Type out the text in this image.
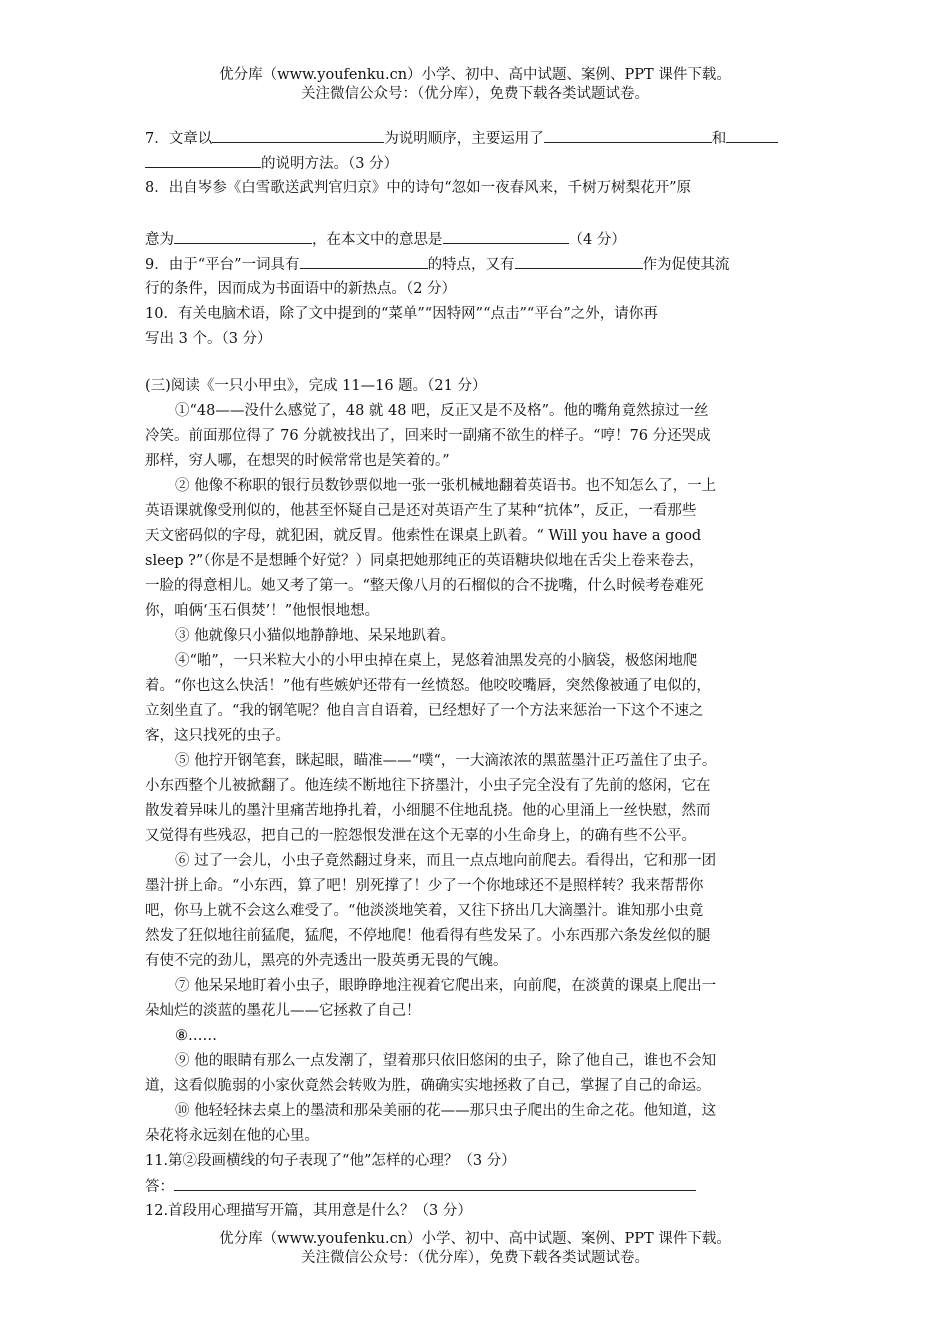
优分库（www.youfenku.cn）小学、初中、高中试题、案例、PPT 课件下载。
关注微信公众号：（优分库），免费下载各类试题试卷。
7．文章以	为说明顺序，主要运用了	和
的说明方法。（3 分）
8．出自岑参《白雪歌送武判官归京》中的诗句“忽如一夜春风来，千树万树梨花开”原
意为	，在本文中的意思是	（4 分）
9．由于“平台”一词具有	的特点，又有	作为促使其流
行的条件，因而成为书面语中的新热点。（2 分）
10．有关电脑术语，除了文中提到的“菜单”“因特网”“点击”“平台”之外，请你再
写出 3 个。（3 分）
(三)阅读《一只小甲虫》，完成 11—16 题。（21 分）
①“48——没什么感觉了，48 就 48 吧，反正又是不及格”。他的嘴角竟然掠过一丝
冷笑。前面那位得了 76 分就被找出了，回来时一副痛不欲生的样子。“哼！76 分还哭成
那样，穷人哪，在想哭的时候常常也是笑着的。”
② 他像不称职的银行员数钞票似地一张一张机械地翻着英语书。也不知怎么了，一上
英语课就像受刑似的，他甚至怀疑自己是还对英语产生了某种“抗体”，反正，一看那些
天文密码似的字母，就犯困，就反胃。他索性在课桌上趴着。“ Will you have a good
sleep ?”（你是不是想睡个好觉？）同桌把她那纯正的英语糖块似地在舌尖上卷来卷去，
一脸的得意相儿。她又考了第一。“整天像八月的石榴似的合不拢嘴，什么时候考卷难死
你，咱俩‘玉石俱焚’！”他恨恨地想。
③ 他就像只小猫似地静静地、呆呆地趴着。
④“啪”，一只米粒大小的小甲虫掉在桌上，晃悠着油黑发亮的小脑袋，极悠闲地爬
着。“你也这么快活！”他有些嫉妒还带有一丝愤怒。他咬咬嘴唇，突然像被通了电似的，
立刻坐直了。“我的钢笔呢？他自言自语着，已经想好了一个方法来惩治一下这个不速之
客，这只找死的虫子。
⑤ 他拧开钢笔套，眯起眼，瞄准——“噗“，一大滴浓浓的黑蓝墨汁正巧盖住了虫子。
小东西整个儿被掀翻了。他连续不断地往下挤墨汁，小虫子完全没有了先前的悠闲，它在
散发着异味儿的墨汁里痛苦地挣扎着，小细腿不住地乱挠。他的心里涌上一丝快慰，然而
又觉得有些残忍，把自己的一腔怨恨发泄在这个无辜的小生命身上，的确有些不公平。
⑥ 过了一会儿，小虫子竟然翻过身来，而且一点点地向前爬去。看得出，它和那一团
墨汁拼上命。“小东西，算了吧！别死撑了！少了一个你地球还不是照样转？我来帮帮你
吧，你马上就不会这么难受了。“他淡淡地笑着，又往下挤出几大滴墨汁。谁知那小虫竟
然发了狂似地往前猛爬，猛爬，不停地爬！他看得有些发呆了。小东西那六条发丝似的腿
有使不完的劲儿，黑亮的外壳透出一股英勇无畏的气魄。
⑦ 他呆呆地盯着小虫子，眼睁睁地注视着它爬出来，向前爬，在淡黄的课桌上爬出一
朵灿烂的淡蓝的墨花儿——它拯救了自己！
⑧……
⑨ 他的眼睛有那么一点发潮了，望着那只依旧悠闲的虫子，除了他自己，谁也不会知
道，这看似脆弱的小家伙竟然会转败为胜，确确实实地拯救了自己，掌握了自己的命运。
⑩ 他轻轻抹去桌上的墨渍和那朵美丽的花——那只虫子爬出的生命之花。他知道，这
朵花将永远刻在他的心里。
11.第②段画横线的句子表现了“他”怎样的心理？（3 分）
答：
12.首段用心理描写开篇，其用意是什么？（3 分）
优分库（www.youfenku.cn）小学、初中、高中试题、案例、PPT 课件下载。
关注微信公众号：（优分库），免费下载各类试题试卷。
